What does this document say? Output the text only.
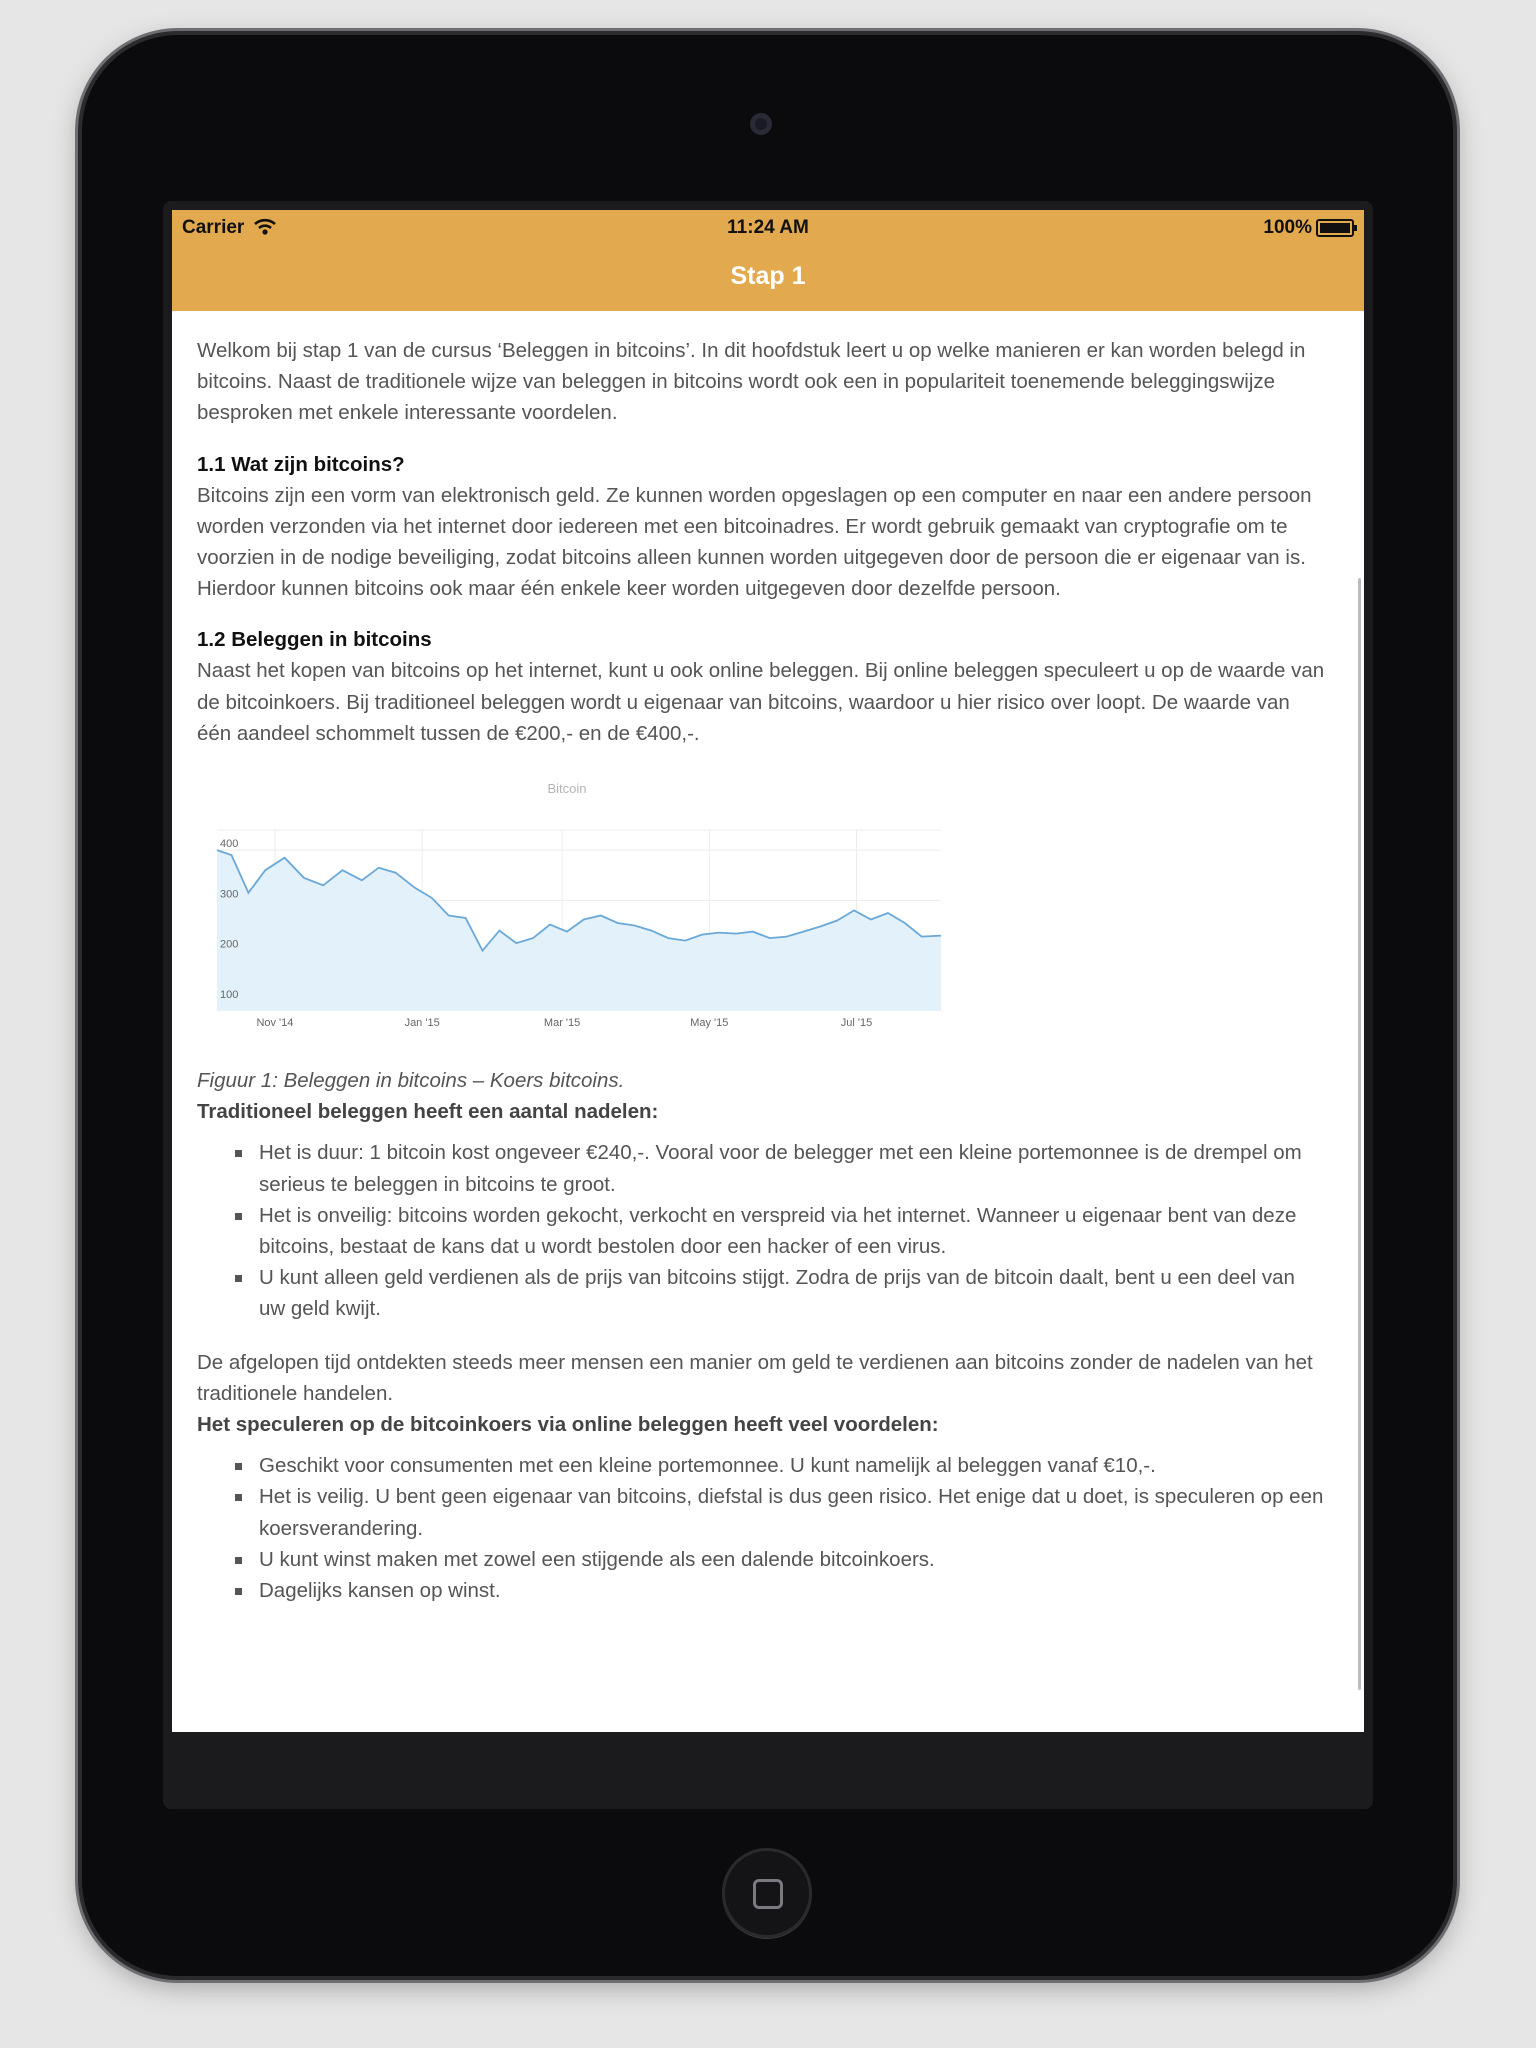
Carrier	11:24 AM	100%
Stap 1

Welkom bij stap 1 van de cursus ‘Beleggen in bitcoins’. In dit hoofdstuk leert u op welke manieren er kan worden belegd in bitcoins. Naast de traditionele wijze van beleggen in bitcoins wordt ook een in populariteit toenemende beleggingswijze besproken met enkele interessante voordelen.

1.1 Wat zijn bitcoins?

Bitcoins zijn een vorm van elektronisch geld. Ze kunnen worden opgeslagen op een computer en naar een andere persoon worden verzonden via het internet door iedereen met een bitcoinadres. Er wordt gebruik gemaakt van cryptografie om te voorzien in de nodige beveiliging, zodat bitcoins alleen kunnen worden uitgegeven door de persoon die er eigenaar van is. Hierdoor kunnen bitcoins ook maar één enkele keer worden uitgegeven door dezelfde persoon.

1.2 Beleggen in bitcoins

Naast het kopen van bitcoins op het internet, kunt u ook online beleggen. Bij online beleggen speculeert u op de waarde van de bitcoinkoers. Bij traditioneel beleggen wordt u eigenaar van bitcoins, waardoor u hier risico over loopt. De waarde van één aandeel schommelt tussen de €200,- en de €400,-.

Bitcoin
400
300
200
100
Nov '14	Jan '15	Mar '15	May '15	Jul '15

Figuur 1: Beleggen in bitcoins – Koers bitcoins.

Traditioneel beleggen heeft een aantal nadelen:

Het is duur: 1 bitcoin kost ongeveer €240,-. Vooral voor de belegger met een kleine portemonnee is de drempel om serieus te beleggen in bitcoins te groot.
Het is onveilig: bitcoins worden gekocht, verkocht en verspreid via het internet. Wanneer u eigenaar bent van deze bitcoins, bestaat de kans dat u wordt bestolen door een hacker of een virus.
U kunt alleen geld verdienen als de prijs van bitcoins stijgt. Zodra de prijs van de bitcoin daalt, bent u een deel van uw geld kwijt.

De afgelopen tijd ontdekten steeds meer mensen een manier om geld te verdienen aan bitcoins zonder de nadelen van het traditionele handelen.

Het speculeren op de bitcoinkoers via online beleggen heeft veel voordelen:

Geschikt voor consumenten met een kleine portemonnee. U kunt namelijk al beleggen vanaf €10,-.
Het is veilig. U bent geen eigenaar van bitcoins, diefstal is dus geen risico. Het enige dat u doet, is speculeren op een koersverandering.
U kunt winst maken met zowel een stijgende als een dalende bitcoinkoers.
Dagelijks kansen op winst.
